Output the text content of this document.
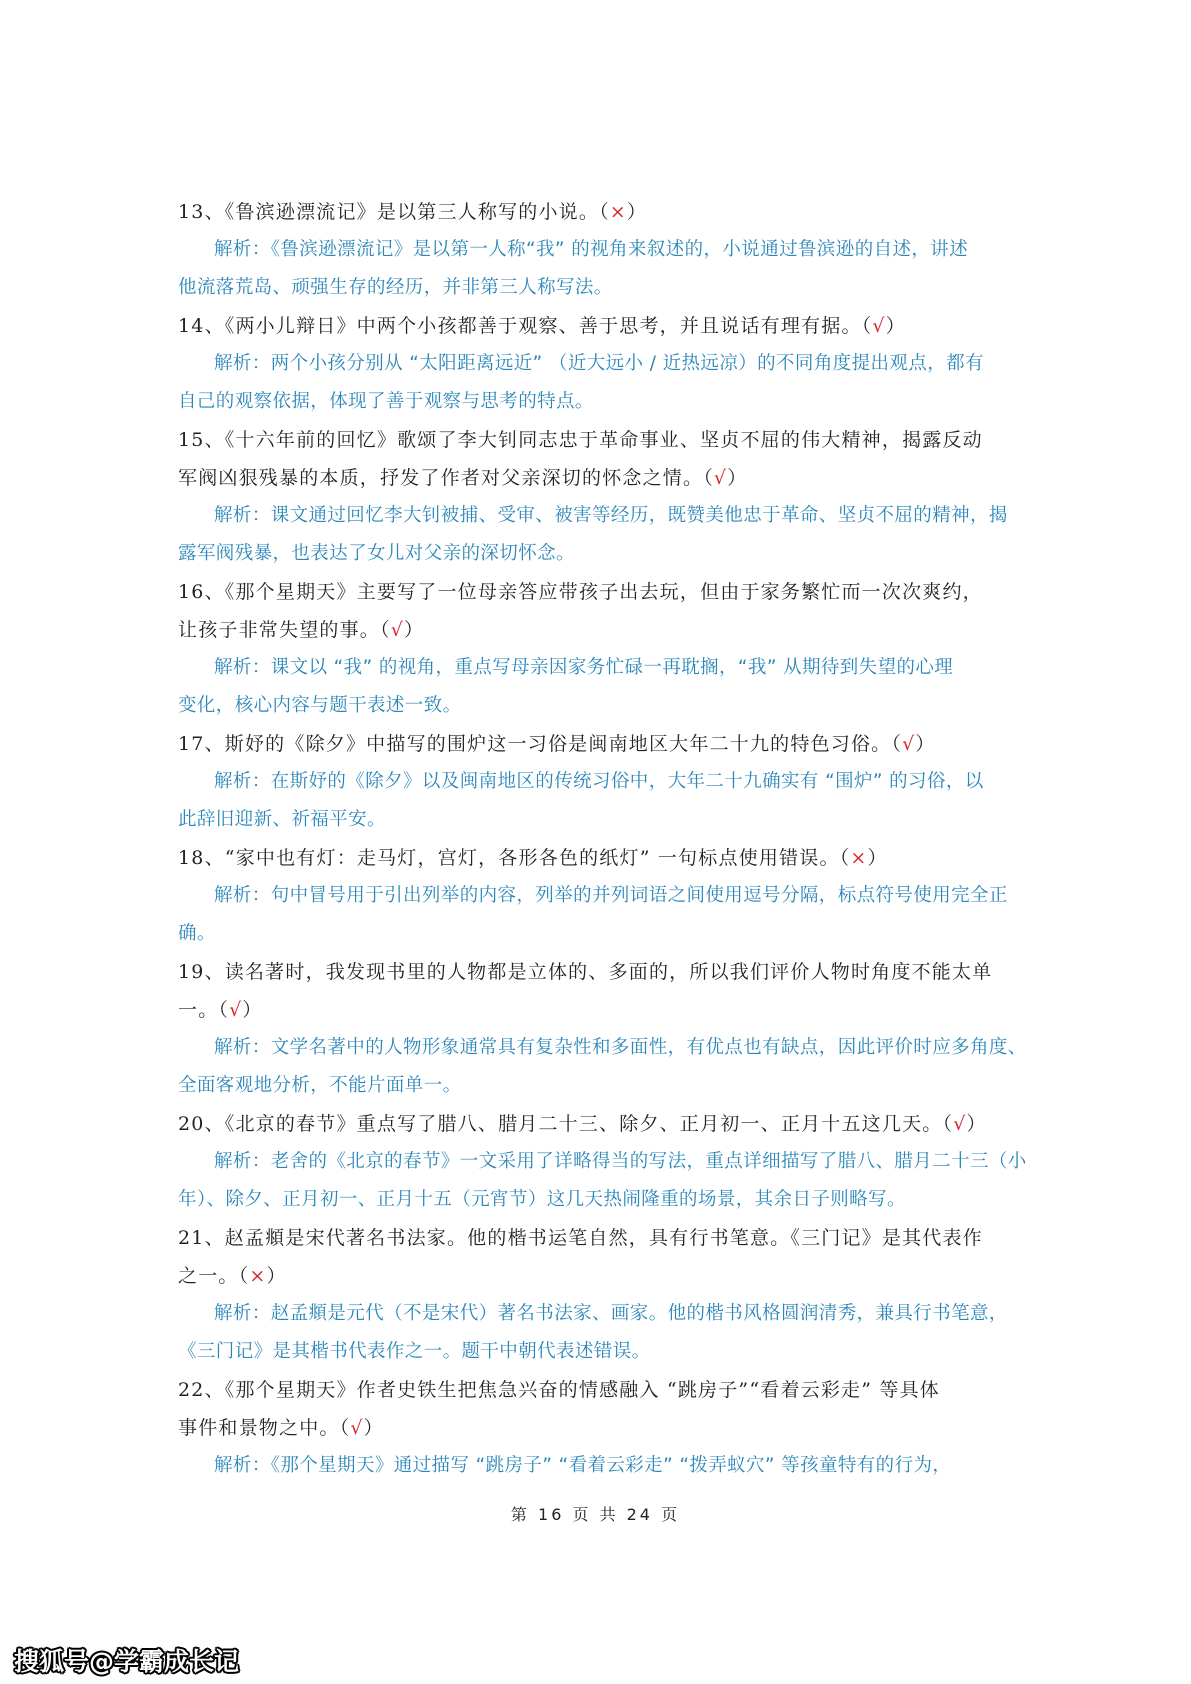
13、《鲁滨逊漂流记》是以第三人称写的小说。（×）
解析：《鲁滨逊漂流记》是以第一人称“我” 的视角来叙述的，小说通过鲁滨逊的自述，讲述
他流落荒岛、顽强生存的经历，并非第三人称写法。
14、《两小儿辩日》中两个小孩都善于观察、善于思考，并且说话有理有据。（√）
解析：两个小孩分别从 “太阳距离远近” （近大远小 / 近热远凉）的不同角度提出观点，都有
自己的观察依据，体现了善于观察与思考的特点。
15、《十六年前的回忆》歌颂了李大钊同志忠于革命事业、坚贞不屈的伟大精神，揭露反动
军阀凶狠残暴的本质，抒发了作者对父亲深切的怀念之情。（√）
解析：课文通过回忆李大钊被捕、受审、被害等经历，既赞美他忠于革命、坚贞不屈的精神，揭
露军阀残暴，也表达了女儿对父亲的深切怀念。
16、《那个星期天》主要写了一位母亲答应带孩子出去玩，但由于家务繁忙而一次次爽约，
让孩子非常失望的事。（√）
解析：课文以 “我” 的视角，重点写母亲因家务忙碌一再耽搁，“我” 从期待到失望的心理
变化，核心内容与题干表述一致。
17、斯妤的《除夕》中描写的围炉这一习俗是闽南地区大年二十九的特色习俗。（√）
解析：在斯妤的《除夕》以及闽南地区的传统习俗中，大年二十九确实有 “围炉” 的习俗，以
此辞旧迎新、祈福平安。
18、“家中也有灯：走马灯，宫灯，各形各色的纸灯” 一句标点使用错误。（×）
解析：句中冒号用于引出列举的内容，列举的并列词语之间使用逗号分隔，标点符号使用完全正
确。
19、读名著时，我发现书里的人物都是立体的、多面的，所以我们评价人物时角度不能太单
一。（√）
解析：文学名著中的人物形象通常具有复杂性和多面性，有优点也有缺点，因此评价时应多角度、
全面客观地分析，不能片面单一。
20、《北京的春节》重点写了腊八、腊月二十三、除夕、正月初一、正月十五这几天。（√）
解析：老舍的《北京的春节》一文采用了详略得当的写法，重点详细描写了腊八、腊月二十三（小
年）、除夕、正月初一、正月十五（元宵节）这几天热闹隆重的场景，其余日子则略写。
21、赵孟頫是宋代著名书法家。他的楷书运笔自然，具有行书笔意。《三门记》是其代表作
之一。（×）
解析：赵孟頫是元代（不是宋代）著名书法家、画家。他的楷书风格圆润清秀，兼具行书笔意，
《三门记》是其楷书代表作之一。题干中朝代表述错误。
22、《那个星期天》作者史铁生把焦急兴奋的情感融入 “跳房子”“看着云彩走” 等具体
事件和景物之中。（√）
解析：《那个星期天》通过描写 “跳房子” “看着云彩走” “拨弄蚁穴” 等孩童特有的行为，
第 16 页 共 24 页
搜狐号@学霸成长记
